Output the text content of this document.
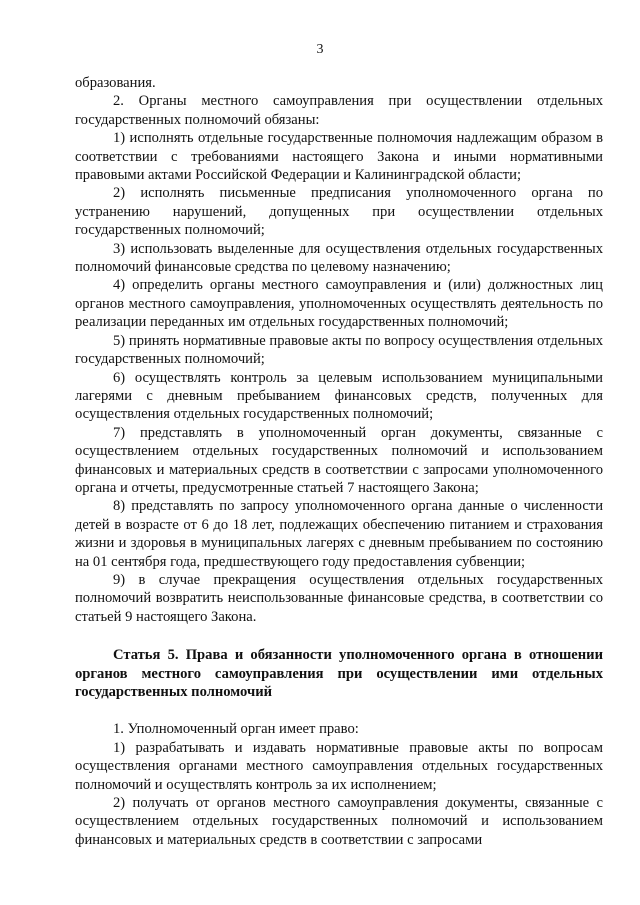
3

образования.

2. Органы местного самоуправления при осуществлении отдельных государственных полномочий обязаны:

1) исполнять отдельные государственные полномочия надлежащим образом в соответствии с требованиями настоящего Закона и иными нормативными правовыми актами Российской Федерации и Калининградской области;

2) исполнять письменные предписания уполномоченного органа по устранению нарушений, допущенных при осуществлении отдельных государственных полномочий;

3) использовать выделенные для осуществления отдельных государственных полномочий финансовые средства по целевому назначению;

4) определить органы местного самоуправления и (или) должностных лиц органов местного самоуправления, уполномоченных осуществлять деятельность по реализации переданных им отдельных государственных полномочий;

5) принять нормативные правовые акты по вопросу осуществления отдельных государственных полномочий;

6) осуществлять контроль за целевым использованием муниципальными лагерями с дневным пребыванием финансовых средств, полученных для осуществления отдельных государственных полномочий;

7) представлять в уполномоченный орган документы, связанные с осуществлением отдельных государственных полномочий и использованием финансовых и материальных средств в соответствии с запросами уполномоченного органа и отчеты, предусмотренные статьей 7 настоящего Закона;

8) представлять по запросу уполномоченного органа данные о численности детей в возрасте от 6 до 18 лет, подлежащих обеспечению питанием и страхования жизни и здоровья в муниципальных лагерях с дневным пребыванием по состоянию на 01 сентября года, предшествующего году предоставления субвенции;

9) в случае прекращения осуществления отдельных государственных полномочий возвратить неиспользованные финансовые средства, в соответствии со статьей 9 настоящего Закона.

Статья 5. Права и обязанности уполномоченного органа в отношении органов местного самоуправления при осуществлении ими отдельных государственных полномочий

1. Уполномоченный орган имеет право:

1) разрабатывать и издавать нормативные правовые акты по вопросам осуществления органами местного самоуправления отдельных государственных полномочий и осуществлять контроль за их исполнением;

2) получать от органов местного самоуправления документы, связанные с осуществлением отдельных государственных полномочий и использованием финансовых и материальных средств в соответствии с запросами
